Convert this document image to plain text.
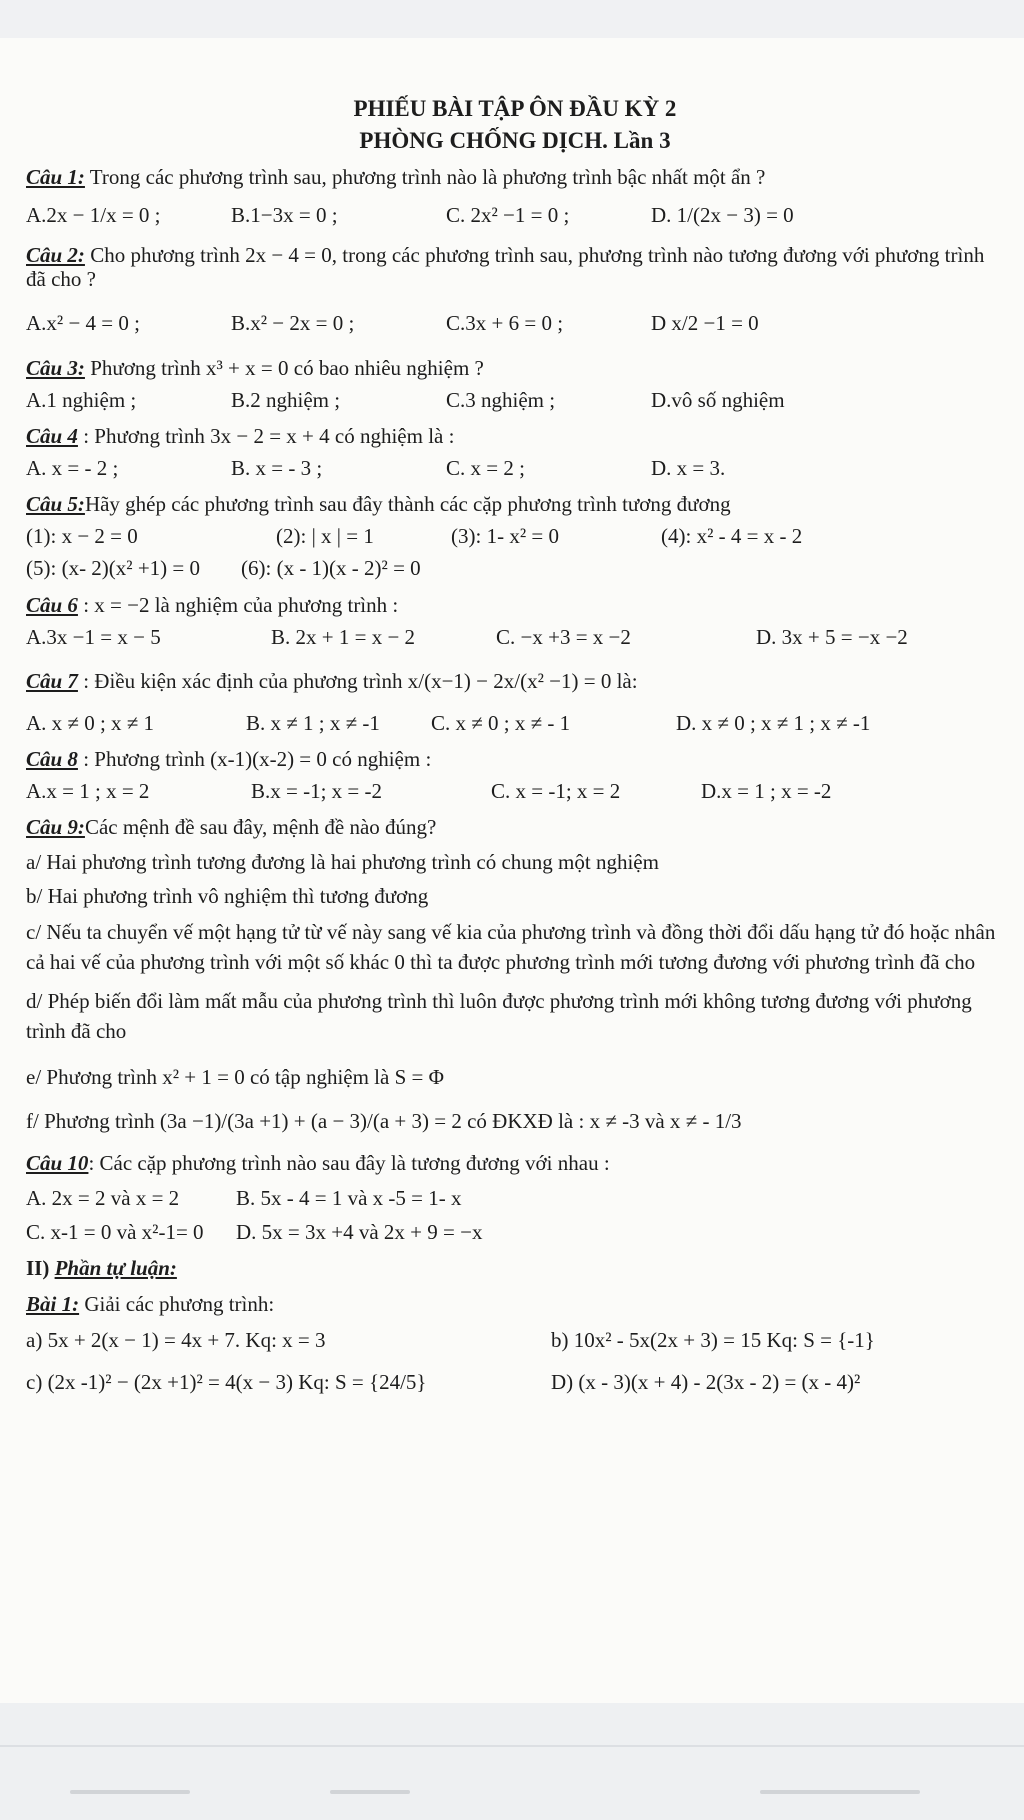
PHIẾU BÀI TẬP ÔN ĐẦU KỲ 2
PHÒNG CHỐNG DỊCH. Lần 3
Câu 1: Trong các phương trình sau, phương trình nào là phương trình bậc nhất một ẩn ?
A.2x − 1/x = 0 ;	B.1−3x = 0 ;	C. 2x² −1 = 0 ;	D. 1/(2x − 3) = 0
Câu 2: Cho phương trình 2x − 4 = 0, trong các phương trình sau, phương trình nào tương đương với phương trình đã cho ?
A.x² − 4 = 0 ;	B.x² − 2x = 0 ;	C.3x + 6 = 0 ;	D x/2 −1 = 0
Câu 3: Phương trình x³ + x = 0 có bao nhiêu nghiệm ?
A.1 nghiệm ;	B.2 nghiệm ;	C.3 nghiệm ;	D.vô số nghiệm
Câu 4 : Phương trình 3x − 2 = x + 4 có nghiệm là :
A. x = - 2 ;	B. x = - 3 ;	C. x = 2 ;	D. x = 3.
Câu 5:Hãy ghép các phương trình sau đây thành các cặp phương trình tương đương
(1): x − 2 = 0	(2): | x | = 1	(3): 1- x² = 0	(4): x² - 4 = x - 2
(5): (x- 2)(x² +1) = 0	(6): (x - 1)(x - 2)² = 0
Câu 6 : x = −2 là nghiệm của phương trình :
A.3x −1 = x − 5	B. 2x + 1 = x − 2	C. −x +3 = x −2	D. 3x + 5 = −x −2
Câu 7 : Điều kiện xác định của phương trình x/(x−1) − 2x/(x² −1) = 0 là:
A. x ≠ 0 ; x ≠ 1	B. x ≠ 1 ; x ≠ -1	C. x ≠ 0 ; x ≠ - 1	D. x ≠ 0 ; x ≠ 1 ; x ≠ -1
Câu 8 : Phương trình (x-1)(x-2) = 0 có nghiệm :
A.x = 1 ; x = 2	B.x = -1; x = -2	C. x = -1; x = 2	D.x = 1 ; x = -2
Câu 9:Các mệnh đề sau đây, mệnh đề nào đúng?
a/ Hai phương trình tương đương là hai phương trình có chung một nghiệm
b/ Hai phương trình vô nghiệm thì tương đương
c/ Nếu ta chuyển vế một hạng tử từ vế này sang vế kia của phương trình và đồng thời đổi dấu hạng tử đó hoặc nhân cả hai vế của phương trình với một số khác 0 thì ta được phương trình mới tương đương với phương trình đã cho
d/ Phép biến đổi làm mất mẫu của phương trình thì luôn được phương trình mới không tương đương với phương trình đã cho
e/ Phương trình x² + 1 = 0 có tập nghiệm là S = Φ
f/ Phương trình (3a −1)/(3a +1) + (a − 3)/(a + 3) = 2 có ĐKXĐ là : x ≠ -3 và x ≠ - 1/3
Câu 10: Các cặp phương trình nào sau đây là tương đương với nhau :
A. 2x = 2 và x = 2	B. 5x - 4 = 1 và x -5 = 1- x
C. x-1 = 0 và x²-1= 0	D. 5x = 3x +4 và 2x + 9 = −x
II) Phần tự luận:
Bài 1: Giải các phương trình:
a) 5x + 2(x − 1) = 4x + 7. Kq: x = 3	b) 10x² - 5x(2x + 3) = 15 Kq: S = {-1}
c) (2x -1)² − (2x +1)² = 4(x − 3) Kq: S = {24/5}	D) (x - 3)(x + 4) - 2(3x - 2) = (x - 4)²
